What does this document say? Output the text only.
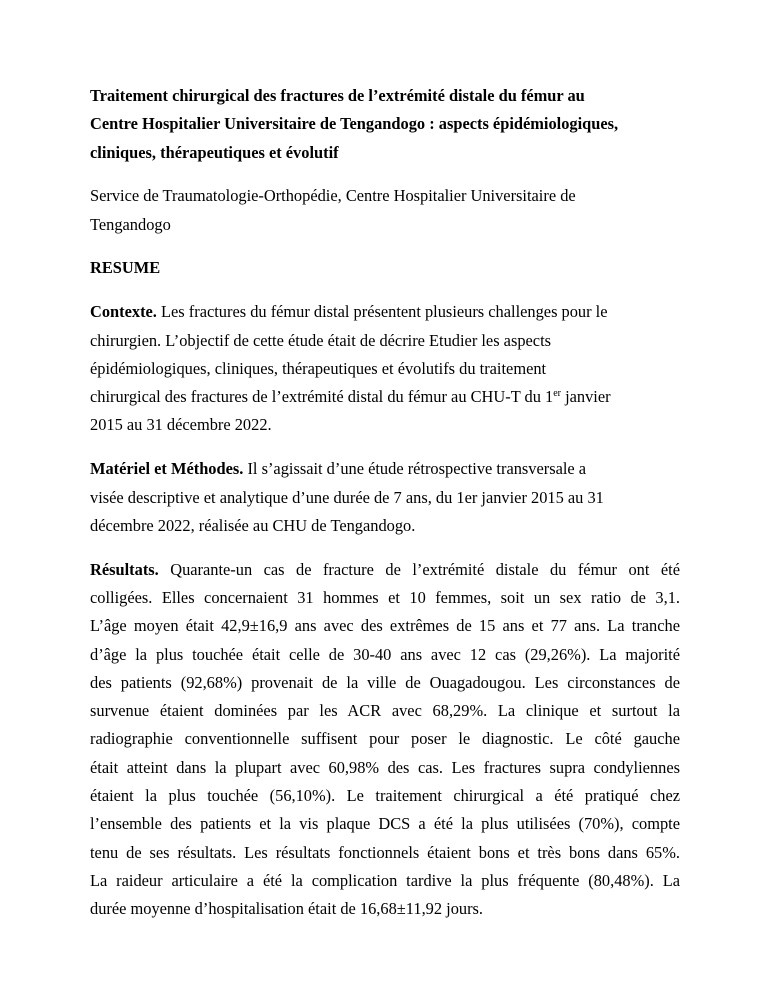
Traitement chirurgical des fractures de l’extrémité distale du fémur au
Centre Hospitalier Universitaire de Tengandogo : aspects épidémiologiques,
cliniques, thérapeutiques et évolutif
Service de Traumatologie-Orthopédie, Centre Hospitalier Universitaire de
Tengandogo
RESUME
Contexte. Les fractures du fémur distal présentent plusieurs challenges pour le
chirurgien. L’objectif de cette étude était de décrire Etudier les aspects
épidémiologiques, cliniques, thérapeutiques et évolutifs du traitement
chirurgical des fractures de l’extrémité distal du fémur au CHU-T du 1er janvier
2015 au 31 décembre 2022.
Matériel et Méthodes. Il s’agissait d’une étude rétrospective transversale a
visée descriptive et analytique d’une durée de 7 ans, du 1er janvier 2015 au 31
décembre 2022, réalisée au CHU de Tengandogo.
Résultats. Quarante-un cas de fracture de l’extrémité distale du fémur ont été
colligées. Elles concernaient 31 hommes et 10 femmes, soit un sex ratio de 3,1.
L’âge moyen était 42,9±16,9 ans avec des extrêmes de 15 ans et 77 ans. La tranche
d’âge la plus touchée était celle de 30-40 ans avec 12 cas (29,26%). La majorité
des patients (92,68%) provenait de la ville de Ouagadougou. Les circonstances de
survenue étaient dominées par les ACR avec 68,29%. La clinique et surtout la
radiographie conventionnelle suffisent pour poser le diagnostic. Le côté gauche
était atteint dans la plupart avec 60,98% des cas. Les fractures supra condyliennes
étaient la plus touchée (56,10%). Le traitement chirurgical a été pratiqué chez
l’ensemble des patients et la vis plaque DCS a été la plus utilisées (70%), compte
tenu de ses résultats. Les résultats fonctionnels étaient bons et très bons dans 65%.
La raideur articulaire a été la complication tardive la plus fréquente (80,48%). La
durée moyenne d’hospitalisation était de 16,68±11,92 jours.
